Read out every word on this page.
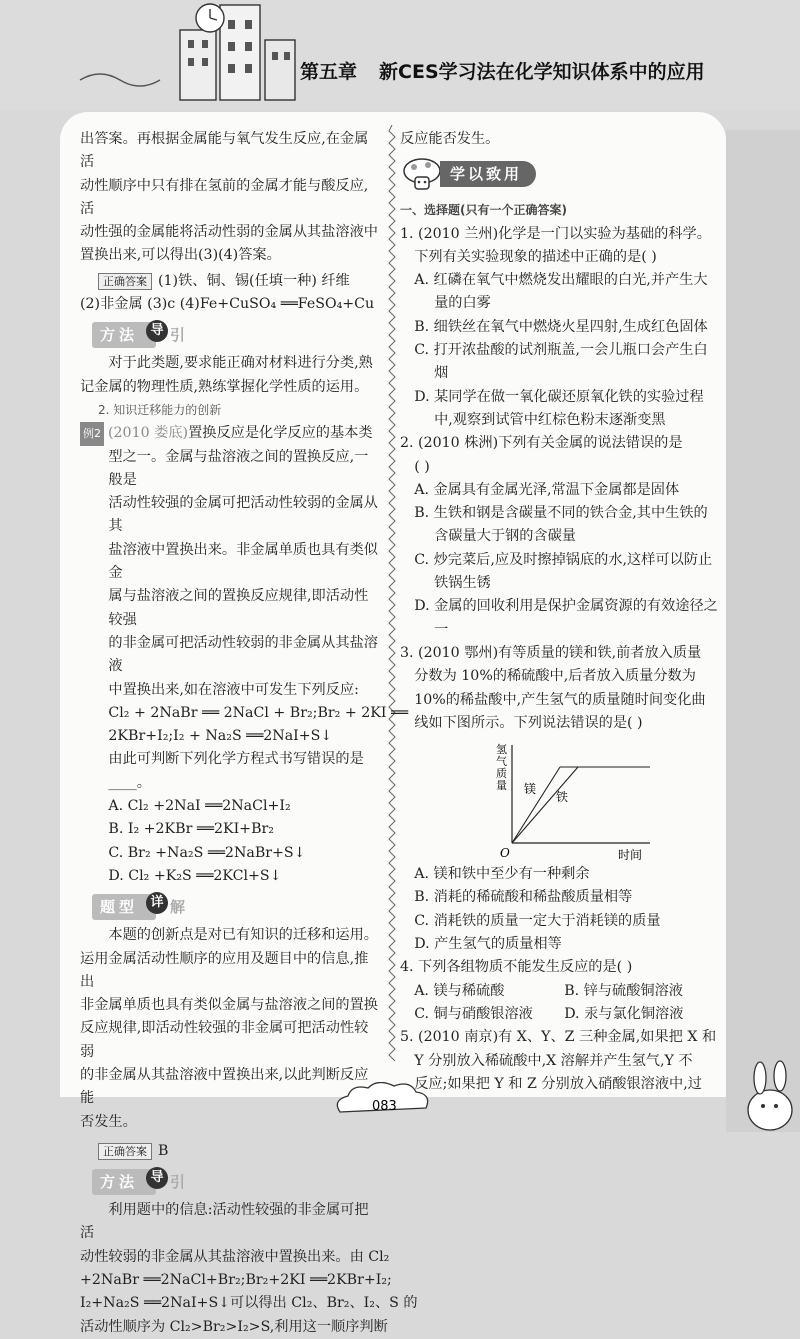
第五章 新CES学习法在化学知识体系中的应用

出答案。再根据金属能与氧气发生反应,在金属活

动性顺序中只有排在氢前的金属才能与酸反应,活

动性强的金属能将活动性弱的金属从其盐溶液中

置换出来,可以得出(3)(4)答案。

正确答案 (1)铁、铜、锡(任填一种) 纤维

(2)非金属 (3)c (4)Fe+CuSO₄ ══FeSO₄+Cu

方法 导 引

对于此类题,要求能正确对材料进行分类,熟

记金属的物理性质,熟练掌握化学性质的运用。

2. 知识迁移能力的创新

例2 (2010 娄底)置换反应是化学反应的基本类

型之一。金属与盐溶液之间的置换反应,一般是

活动性较强的金属可把活动性较弱的金属从其

盐溶液中置换出来。非金属单质也具有类似金

属与盐溶液之间的置换反应规律,即活动性较强

的非金属可把活动性较弱的非金属从其盐溶液

中置换出来,如在溶液中可发生下列反应:

Cl₂ + 2NaBr ══ 2NaCl + Br₂;Br₂ + 2KI ══

2KBr+I₂;I₂ + Na₂S ══2NaI+S↓

由此可判断下列化学方程式书写错误的是____。

A. Cl₂ +2NaI ══2NaCl+I₂

B. I₂ +2KBr ══2KI+Br₂

C. Br₂ +Na₂S ══2NaBr+S↓

D. Cl₂ +K₂S ══2KCl+S↓

题型 详 解

本题的创新点是对已有知识的迁移和运用。

运用金属活动性顺序的应用及题目中的信息,推出

非金属单质也具有类似金属与盐溶液之间的置换

反应规律,即活动性较强的非金属可把活动性较弱

的非金属从其盐溶液中置换出来,以此判断反应能

否发生。

正确答案 B

方法 导 引

利用题中的信息:活动性较强的非金属可把活

动性较弱的非金属从其盐溶液中置换出来。由 Cl₂

+2NaBr ══2NaCl+Br₂;Br₂+2KI ══2KBr+I₂;

I₂+Na₂S ══2NaI+S↓可以得出 Cl₂、Br₂、I₂、S 的

活动性顺序为 Cl₂>Br₂>I₂>S,利用这一顺序判断

反应能否发生。

学以致用

一、选择题(只有一个正确答案)

1. (2010 兰州)化学是一门以实验为基础的科学。

下列有关实验现象的描述中正确的是( )

A. 红磷在氧气中燃烧发出耀眼的白光,并产生大量的白雾

B. 细铁丝在氧气中燃烧火星四射,生成红色固体

C. 打开浓盐酸的试剂瓶盖,一会儿瓶口会产生白烟

D. 某同学在做一氧化碳还原氧化铁的实验过程中,观察到试管中红棕色粉末逐渐变黑

2. (2010 株洲)下列有关金属的说法错误的是

( )

A. 金属具有金属光泽,常温下金属都是固体

B. 生铁和钢是含碳量不同的铁合金,其中生铁的含碳量大于钢的含碳量

C. 炒完菜后,应及时擦掉锅底的水,这样可以防止铁锅生锈

D. 金属的回收利用是保护金属资源的有效途径之一

3. (2010 鄂州)有等质量的镁和铁,前者放入质量

分数为 10%的稀硫酸中,后者放入质量分数为

10%的稀盐酸中,产生氢气的质量随时间变化曲

线如下图所示。下列说法错误的是( )

氢气质量 镁
铁
O	时间

A. 镁和铁中至少有一种剩余

B. 消耗的稀硫酸和稀盐酸质量相等

C. 消耗铁的质量一定大于消耗镁的质量

D. 产生氢气的质量相等

4. 下列各组物质不能发生反应的是( )

A. 镁与稀硫酸	B. 锌与硫酸铜溶液
C. 铜与硝酸银溶液	D. 汞与氯化铜溶液

5. (2010 南京)有 X、Y、Z 三种金属,如果把 X 和

Y 分别放入稀硫酸中,X 溶解并产生氢气,Y 不

反应;如果把 Y 和 Z 分别放入硝酸银溶液中,过

083
